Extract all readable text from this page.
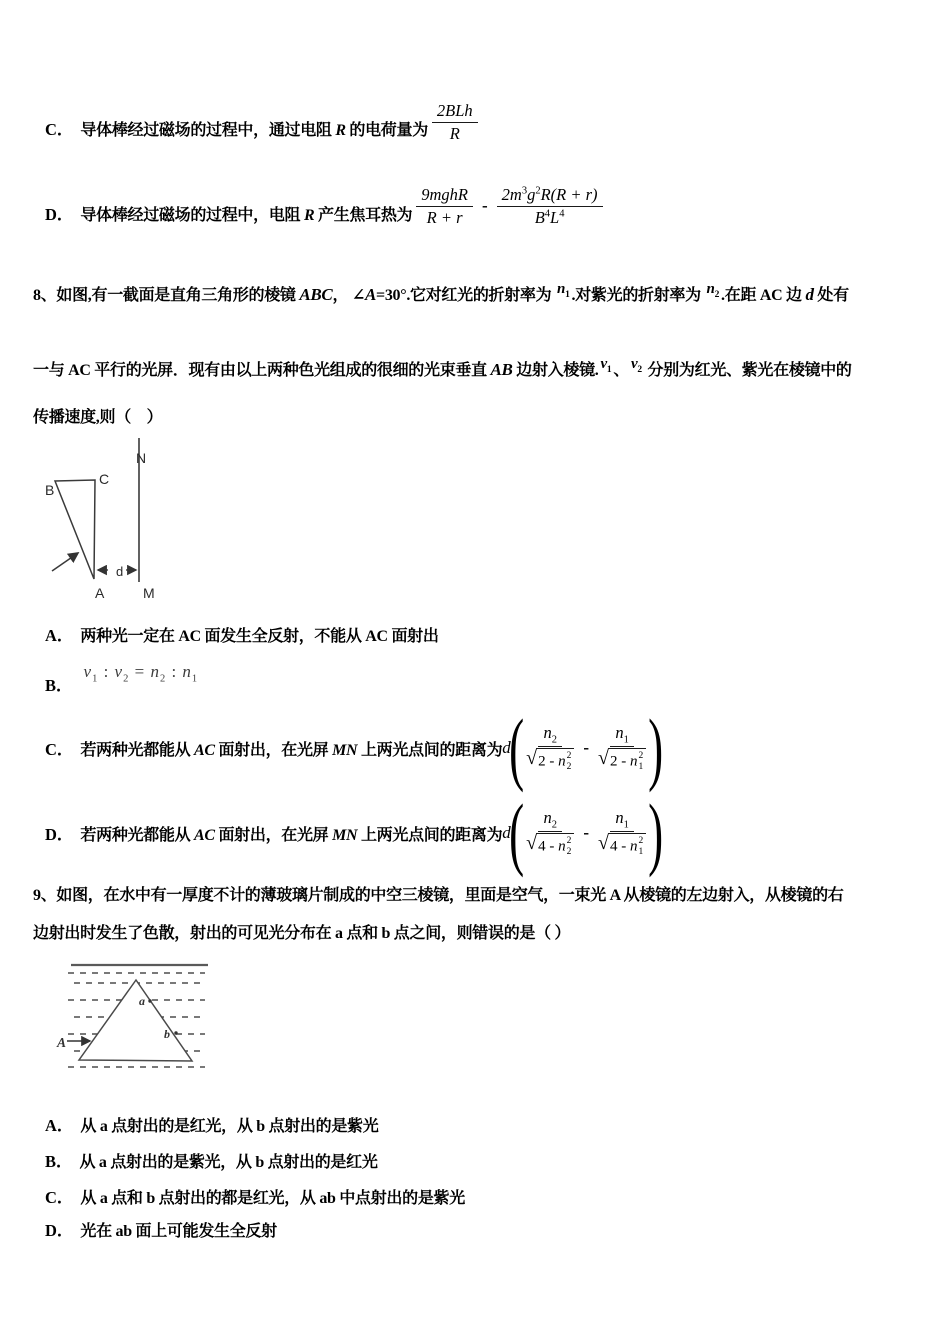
C． 导体棒经过磁场的过程中，通过电阻 R 的电荷量为 $\frac{\text{2BLh}}{R}$
D． 导体棒经过磁场的过程中，电阻 R 产生焦耳热为 $\frac{\text{9mghR}}{R + r} - \frac{2m^3g^2R(R + r)}{B^4L^4}$
8、如图,有一截面是直角三角形的棱镜 ABC， ∠A=30°.它对红光的折射率为 $n_1$ .对紫光的折射率为 $n_2$ .在距 AC 边 d 处有
一与 AC 平行的光屏．现有由以上两种色光组成的很细的光束垂直 AB 边射入棱镜. $v_1$ 、 $v_2$ 分别为红光、紫光在棱镜中的
传播速度,则（　）
B
C
A
N
M
d
A． 两种光一定在 AC 面发生全反射，不能从 AC 面射出
B． $v_1$ : $v_2 = n_2$ : $n_1$
C． 若两种光都能从 AC 面射出，在光屏 MN 上两光点间的距离为 d
( $n_2$
√ 2 - n 2
$2 - n_1$
√ 2 - n 2
1 )
D． 若两种光都能从 AC 面射出，在光屏 MN 上两光点间的距离为 d
( $n_2$
√ 4 - n 2
$2 - n_1$
√ 4 - n 2
1 )
9、如图，在水中有一厚度不计的薄玻璃片制成的中空三棱镜，里面是空气，一束光 A 从棱镜的左边射入，从棱镜的右
边射出时发生了色散，射出的可见光分布在 a 点和 b 点之间，则错误的是（ ）
a
b
A
A． 从 a 点射出的是红光，从 b 点射出的是紫光
B． 从 a 点射出的是紫光，从 b 点射出的是红光
C． 从 a 点和 b 点射出的都是红光，从 ab 中点射出的是紫光
D． 光在 ab 面上可能发生全反射
